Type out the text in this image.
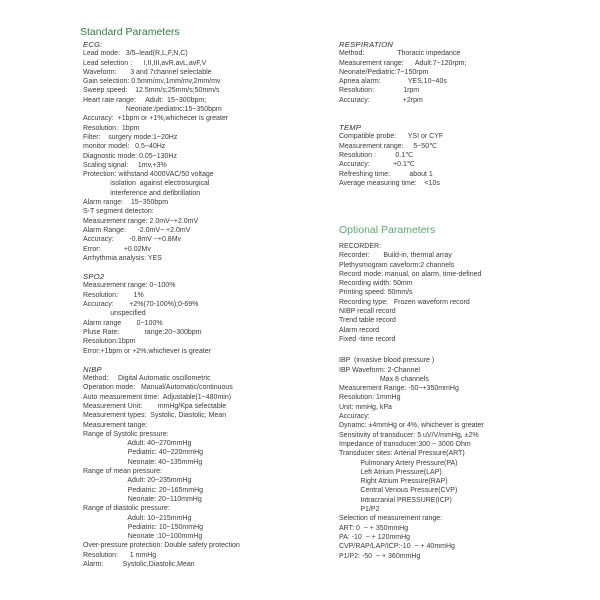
Standard Parameters

ECG:

Lead mode:   3/5–lead(R,L,F,N,C)
Lead selection :      I,II,III,avR,avL,avF,V
Waveform:       3 and 7channel selectable
Gain selection: 0.5mm/mv,1mm/mv,2mm/mv
Sweep speed:    12.5mm/s;25mm/s;50mm/s
Heart rate range:     Adult:  15~300bpm;
Neonate:/pediatric:15~350bpm
Accuracy:  +1bpm or +1%,whichecer is greater
Resolution:  1bpm
Filter:    surgery mode:1~20Hz
monitor model:   0.5~40Hz
Diagnostic mode: 0.05~130Hz
Scaling signal:     1mv,+3%
Protection: withstand 4000VAC/50 voltage
isolation  against electrosurgical
interference and defibrillation
Alarm range:    15~350bpm
S-T segment detecton:
Measurement range: 2.0mV~+2.0mV
Alarm Range:      -2.0mV~ +2.0mV
Accuracy:        -0.8mV ~+0.8Mv
Error:            +0.02Mv
Arrhythmia analysis: YES

SPO2

Measurement range: 0~100%
Resolution:        1%
Accuracy:        +2%(70-100%);0-69%
unspecified
Alarm range        0~100%
Pluse Rate:             range:20~300bpm
Resolution:1bpm
Error:+1bpm or +2%,whichever is greater

NIBP

Method:     Digital Automatic oscillometric
Operation mode:   Manual/Automatic/continuous
Auto measurement time:  Adjustable(1~480min)
Measurement Unit:        mmHg/Kpa selectable
Measurement types:  Systolic, Diastolic, Mean
Measurement tange:
Range of Systolic pressure:
Adult: 40~270mmHg
Pediatric: 40~220mmHg
Neonate: 40~135mmHg
Range of mean pressure:
Adult: 20~235mmHg
Pediatric: 20~165mmHg
Neonate: 20~110mmHg
Range of diastolic pressure:
Adult: 10~215mmHg
Pediatric: 10~150mmHg
Neonate :10~100mmHg
Over-pressure protection: Double safety protection
Resolution:      1 mmHg
Alarm:          Systolic,Diastolic,Mean

RESPIRATION

Method:                 Thoracic impedance
Measurement range:      Adult:7~120rpm;
Neonate/Pediatric:7~150rpm
Apnea alarm:              YES,10~40s
Resolution:               1rpm
Accuracy:                 +2rpm

TEMP

Compatible probe:      YSI or CYF
Measurement range:     5~50℃
Resolution :          0.1℃
Accuracy:            +0.1℃
Refreshing time:          about 1
Average measuring time:    <10s
Optional Parameters
RECORDER:
Recorder:       Build-in, thermal array
Plethysmogram caveform:2 channels
Record mode: manual, on alarm, time-defined
Recording width: 50mm
Printing speed: 50mm/s
Recording type:   Frozen waveform record
NIBP recall record
Trend table record
Alarm record
Fixed -time record
IBP  (invasive blood pressure )
IBP Waveform: 2-Channel
Max 8 channels
Measurement Range: -50~+350mmHg
Resolution: 1mmHg
Unit: mmHg, kPa
Accuracy:
Dynamc: ±4mmHg or 4%, whichever is greater
Sensitivity of transducer: 5 uV/V/mmHg, ±2%
Impedance of transducer:300 ~ 3000 Ohm
Transducer sites: Arterial Pressure(ART)
Pulmonary Artery Pressure(PA)
Left Atrium Pressure(LAP)
Right Atrium Pressure(RAP)
Central Venous Pressure(CVP)
Intracranial PRESSURE(ICP)
P1/P2
Selection of measurement range:
ART: 0  ~ + 350mmHg
PA: -10  ~ + 120mmHg
CVP/RAP/LAP/ICP:-10  ~ + 40mmHg
P1/P2: -50  ~ + 360mmHg
